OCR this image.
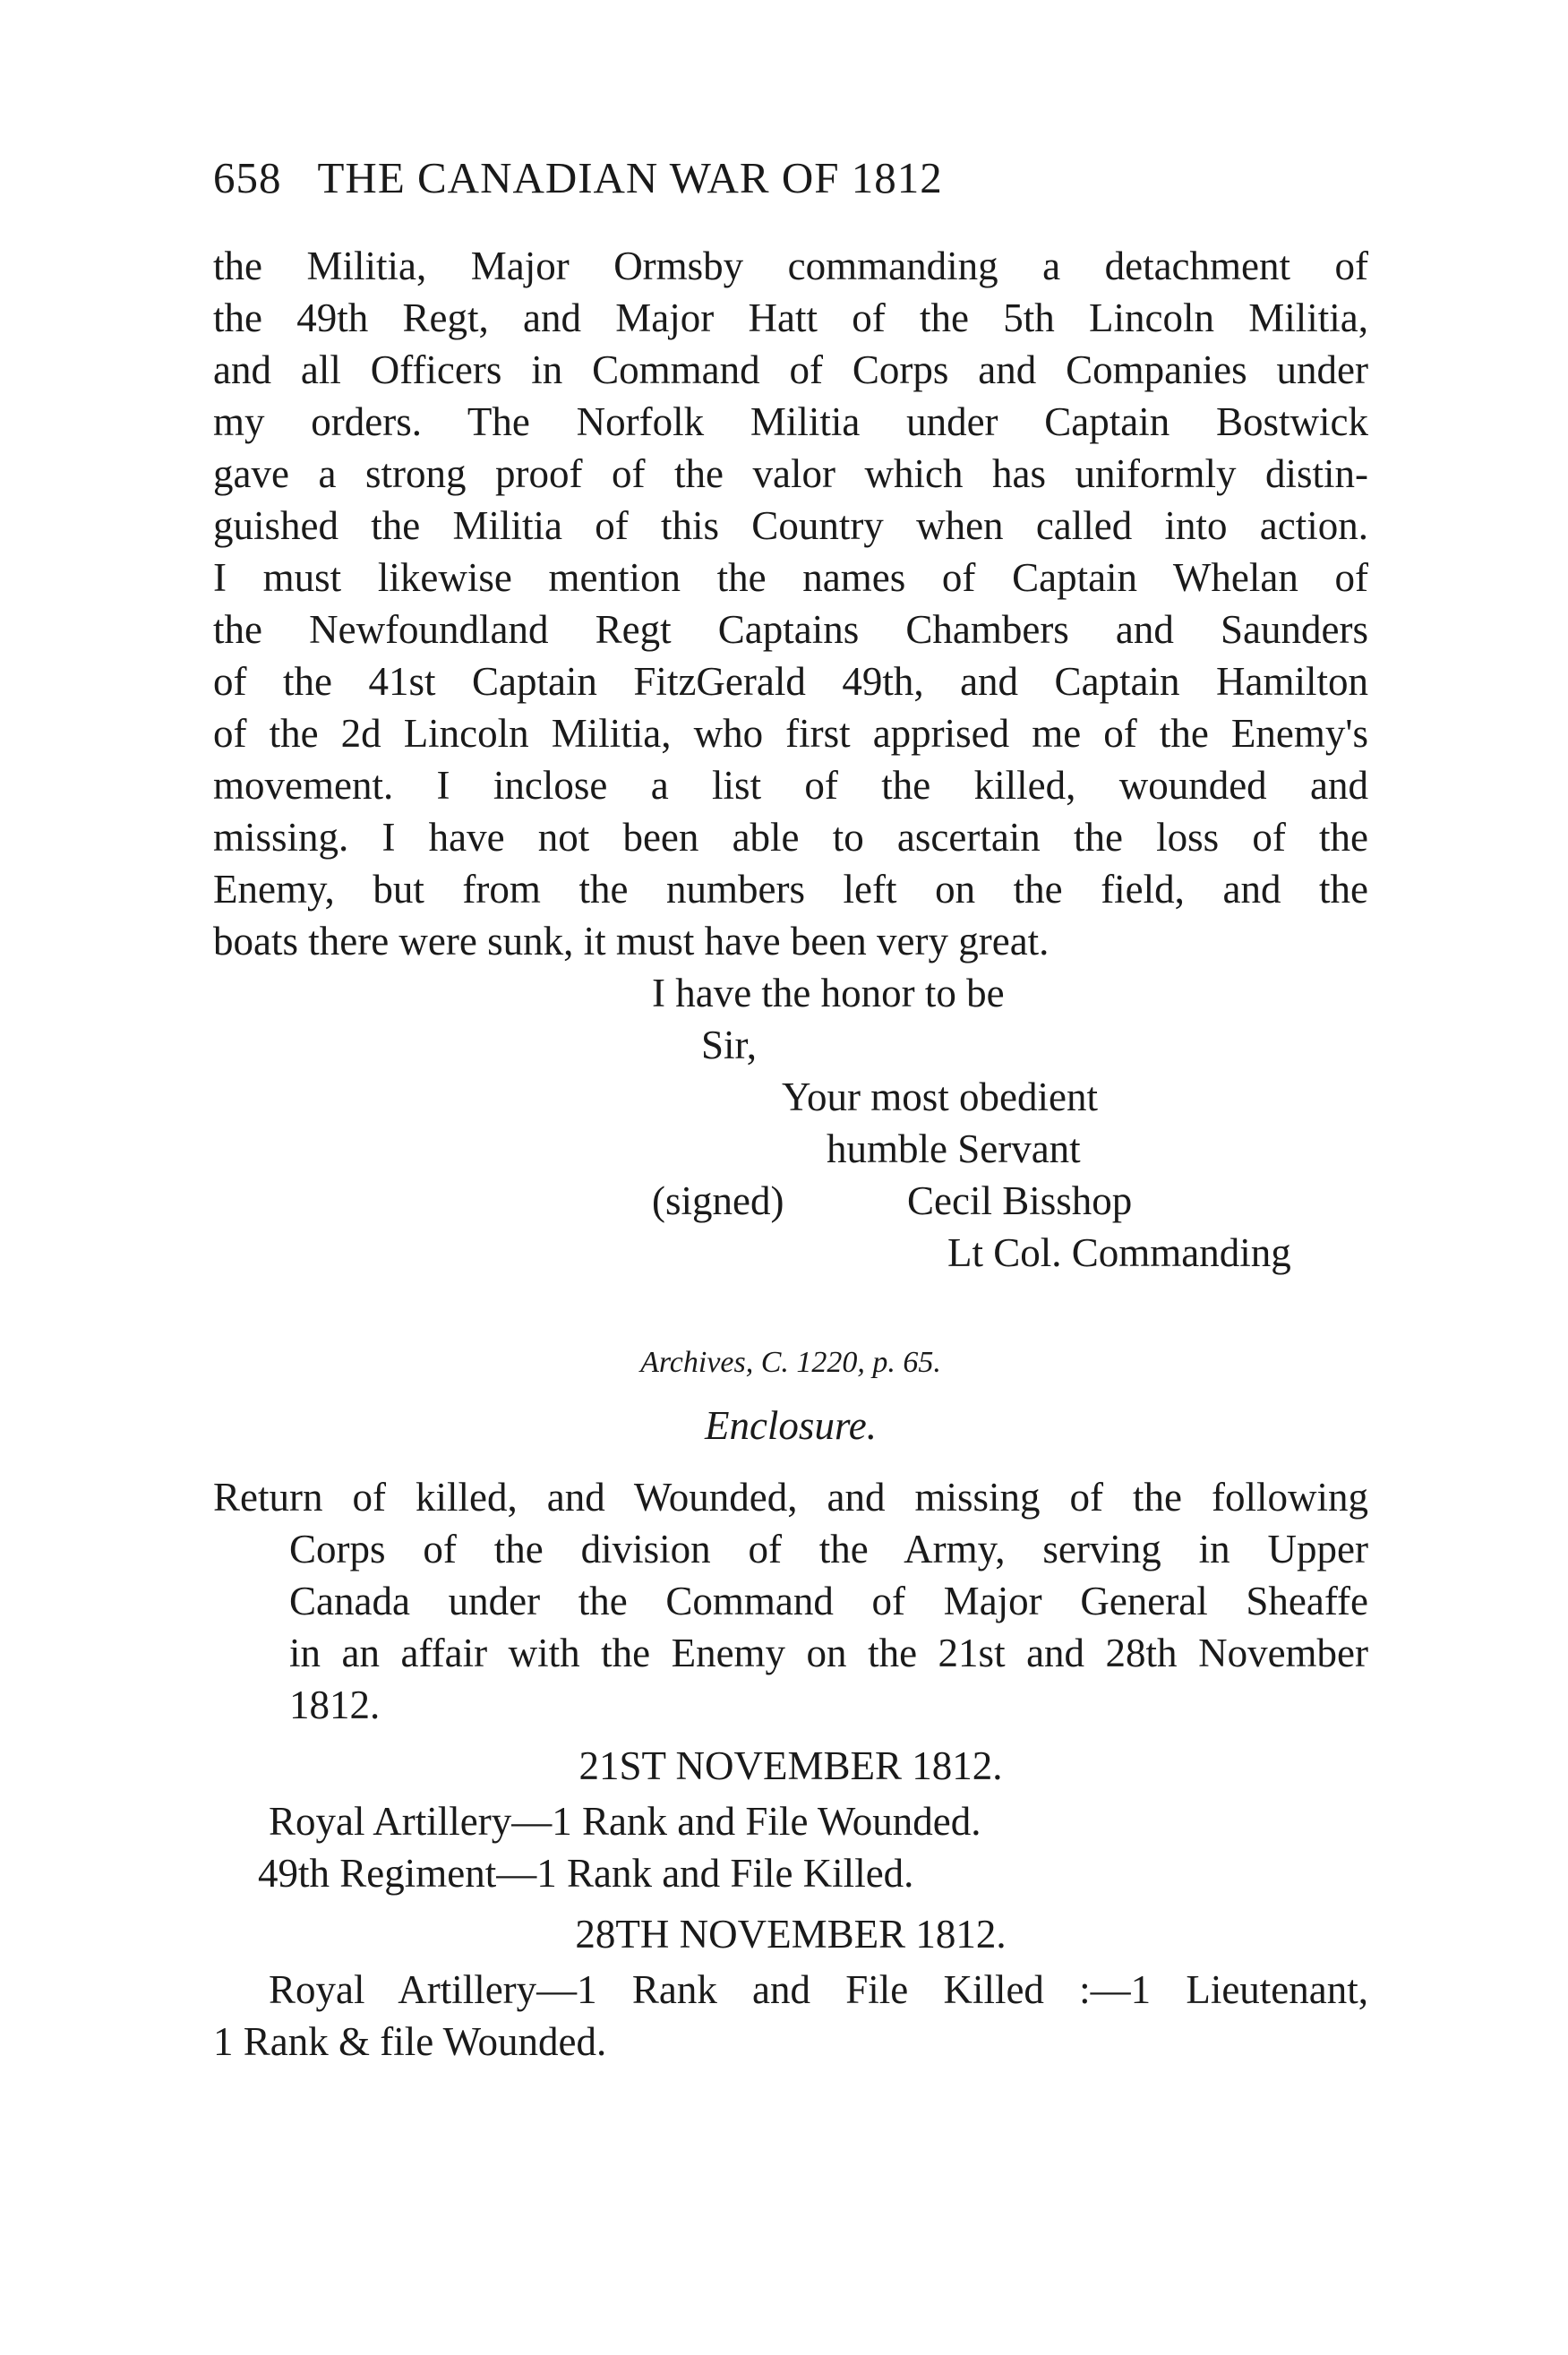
658 THE CANADIAN WAR OF 1812
the Militia, Major Ormsby commanding a detachment of
the 49th Regt, and Major Hatt of the 5th Lincoln Militia,
and all Officers in Command of Corps and Companies under
my orders. The Norfolk Militia under Captain Bostwick
gave a strong proof of the valor which has uniformly distin-
guished the Militia of this Country when called into action.
I must likewise mention the names of Captain Whelan of
the Newfoundland Regt Captains Chambers and Saunders
of the 41st Captain FitzGerald 49th, and Captain Hamilton
of the 2d Lincoln Militia, who first apprised me of the Enemy's
movement. I inclose a list of the killed, wounded and
missing. I have not been able to ascertain the loss of the
Enemy, but from the numbers left on the field, and the
boats there were sunk, it must have been very great.
I have the honor to be
Sir,
Your most obedient
humble Servant
(signed)	Cecil Bisshop
Lt Col. Commanding
Archives, C. 1220, p. 65.
Enclosure.
Return of killed, and Wounded, and missing of the following
Corps of the division of the Army, serving in Upper
Canada under the Command of Major General Sheaffe
in an affair with the Enemy on the 21st and 28th November
1812.
21ST NOVEMBER 1812.
Royal Artillery—1 Rank and File Wounded.
49th Regiment—1 Rank and File Killed.
28TH NOVEMBER 1812.
Royal Artillery—1 Rank and File Killed :—1 Lieutenant,
1 Rank & file Wounded.
